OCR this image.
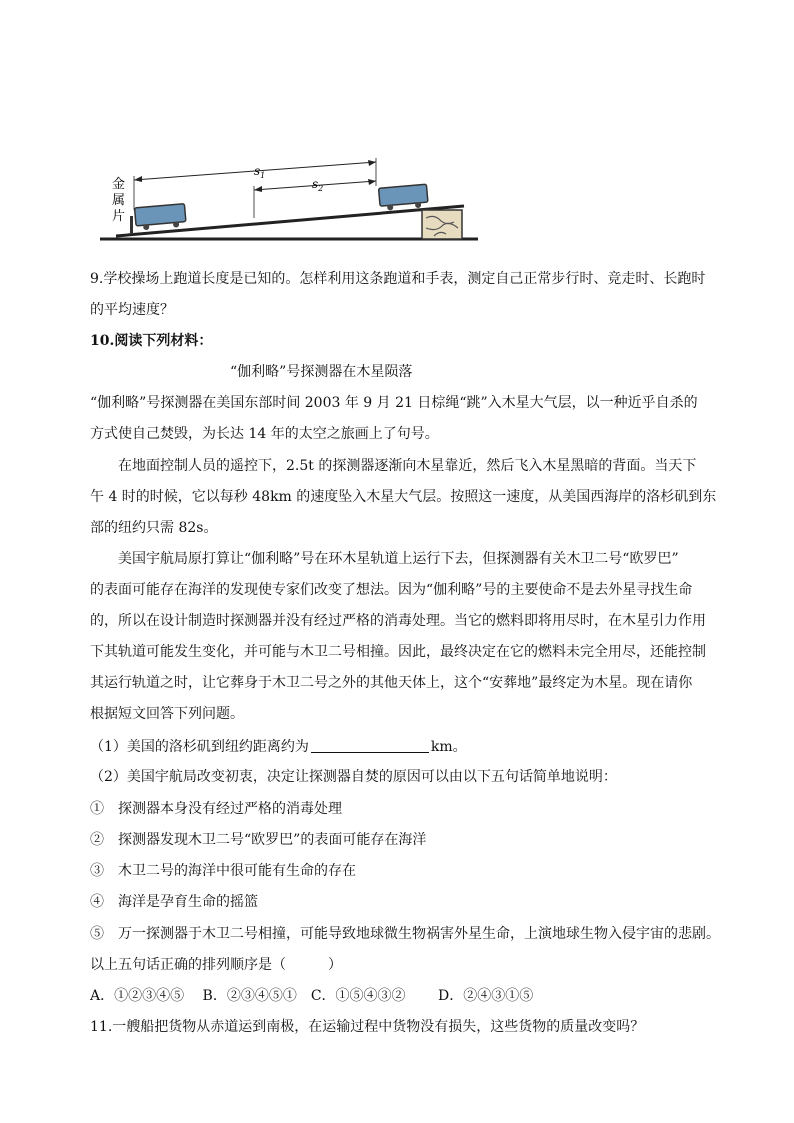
$s_1$
$s_2$
金
属
片
9.学校操场上跑道长度是已知的。怎样利用这条跑道和手表，测定自己正常步行时、竞走时、长跑时
的平均速度？
10.阅读下列材料：
“伽利略”号探测器在木星陨落
“伽利略”号探测器在美国东部时间 2003 年 9 月 21 日棕绳“跳”入木星大气层，以一种近乎自杀的
方式使自己焚毁，为长达 14 年的太空之旅画上了句号。
在地面控制人员的遥控下，2.5t 的探测器逐渐向木星靠近，然后飞入木星黑暗的背面。当天下
午 4 时的时候，它以每秒 48km 的速度坠入木星大气层。按照这一速度，从美国西海岸的洛杉矶到东
部的纽约只需 82s。
美国宇航局原打算让“伽利略”号在环木星轨道上运行下去，但探测器有关木卫二号“欧罗巴”
的表面可能存在海洋的发现使专家们改变了想法。因为“伽利略”号的主要使命不是去外星寻找生命
的，所以在设计制造时探测器并没有经过严格的消毒处理。当它的燃料即将用尽时，在木星引力作用
下其轨道可能发生变化，并可能与木卫二号相撞。因此，最终决定在它的燃料未完全用尽，还能控制
其运行轨道之时，让它葬身于木卫二号之外的其他天体上，这个“安葬地”最终定为木星。现在请你
根据短文回答下列问题。
（1）美国的洛杉矶到纽约距离约为	km。
（2）美国宇航局改变初衷，决定让探测器自焚的原因可以由以下五句话简单地说明：
①　探测器本身没有经过严格的消毒处理
②　探测器发现木卫二号“欧罗巴”的表面可能存在海洋
③　木卫二号的海洋中很可能有生命的存在
④　海洋是孕育生命的摇篮
⑤　万一探测器于木卫二号相撞，可能导致地球微生物祸害外星生命，上演地球生物入侵宇宙的悲剧。
以上五句话正确的排列顺序是（　　　）
A．①②③④⑤　 B．②③④⑤①　C．①⑤④③②　　 D．②④③①⑤
11.一艘船把货物从赤道运到南极，在运输过程中货物没有损失，这些货物的质量改变吗？
